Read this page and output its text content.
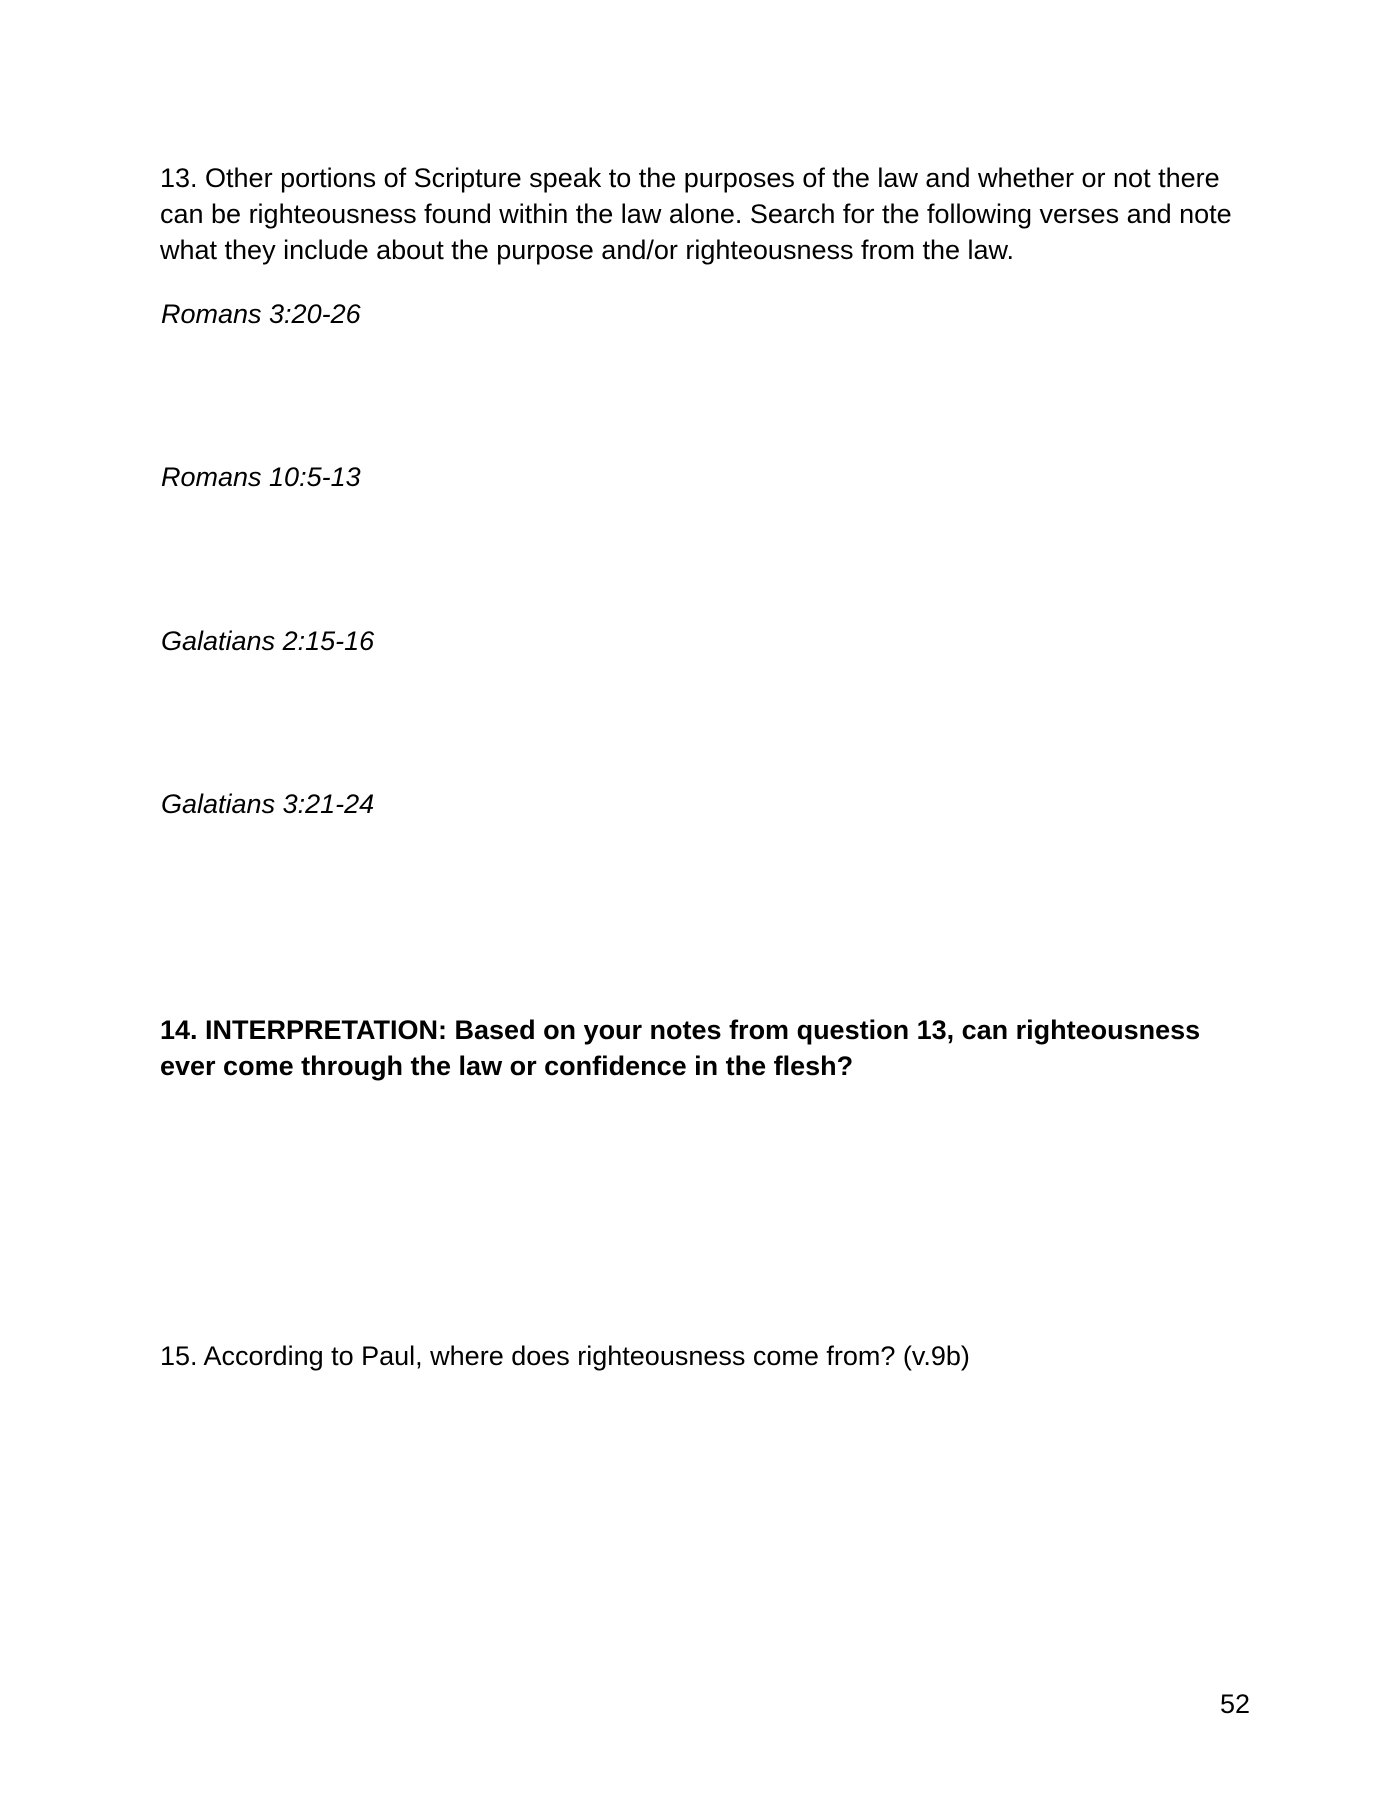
13. Other portions of Scripture speak to the purposes of the law and whether or not there can be righteousness found within the law alone. Search for the following verses and note what they include about the purpose and/or righteousness from the law.

Romans 3:20-26

Romans 10:5-13

Galatians 2:15-16

Galatians 3:21-24

14. INTERPRETATION: Based on your notes from question 13, can righteousness ever come through the law or confidence in the flesh?

15. According to Paul, where does righteousness come from? (v.9b)

52
